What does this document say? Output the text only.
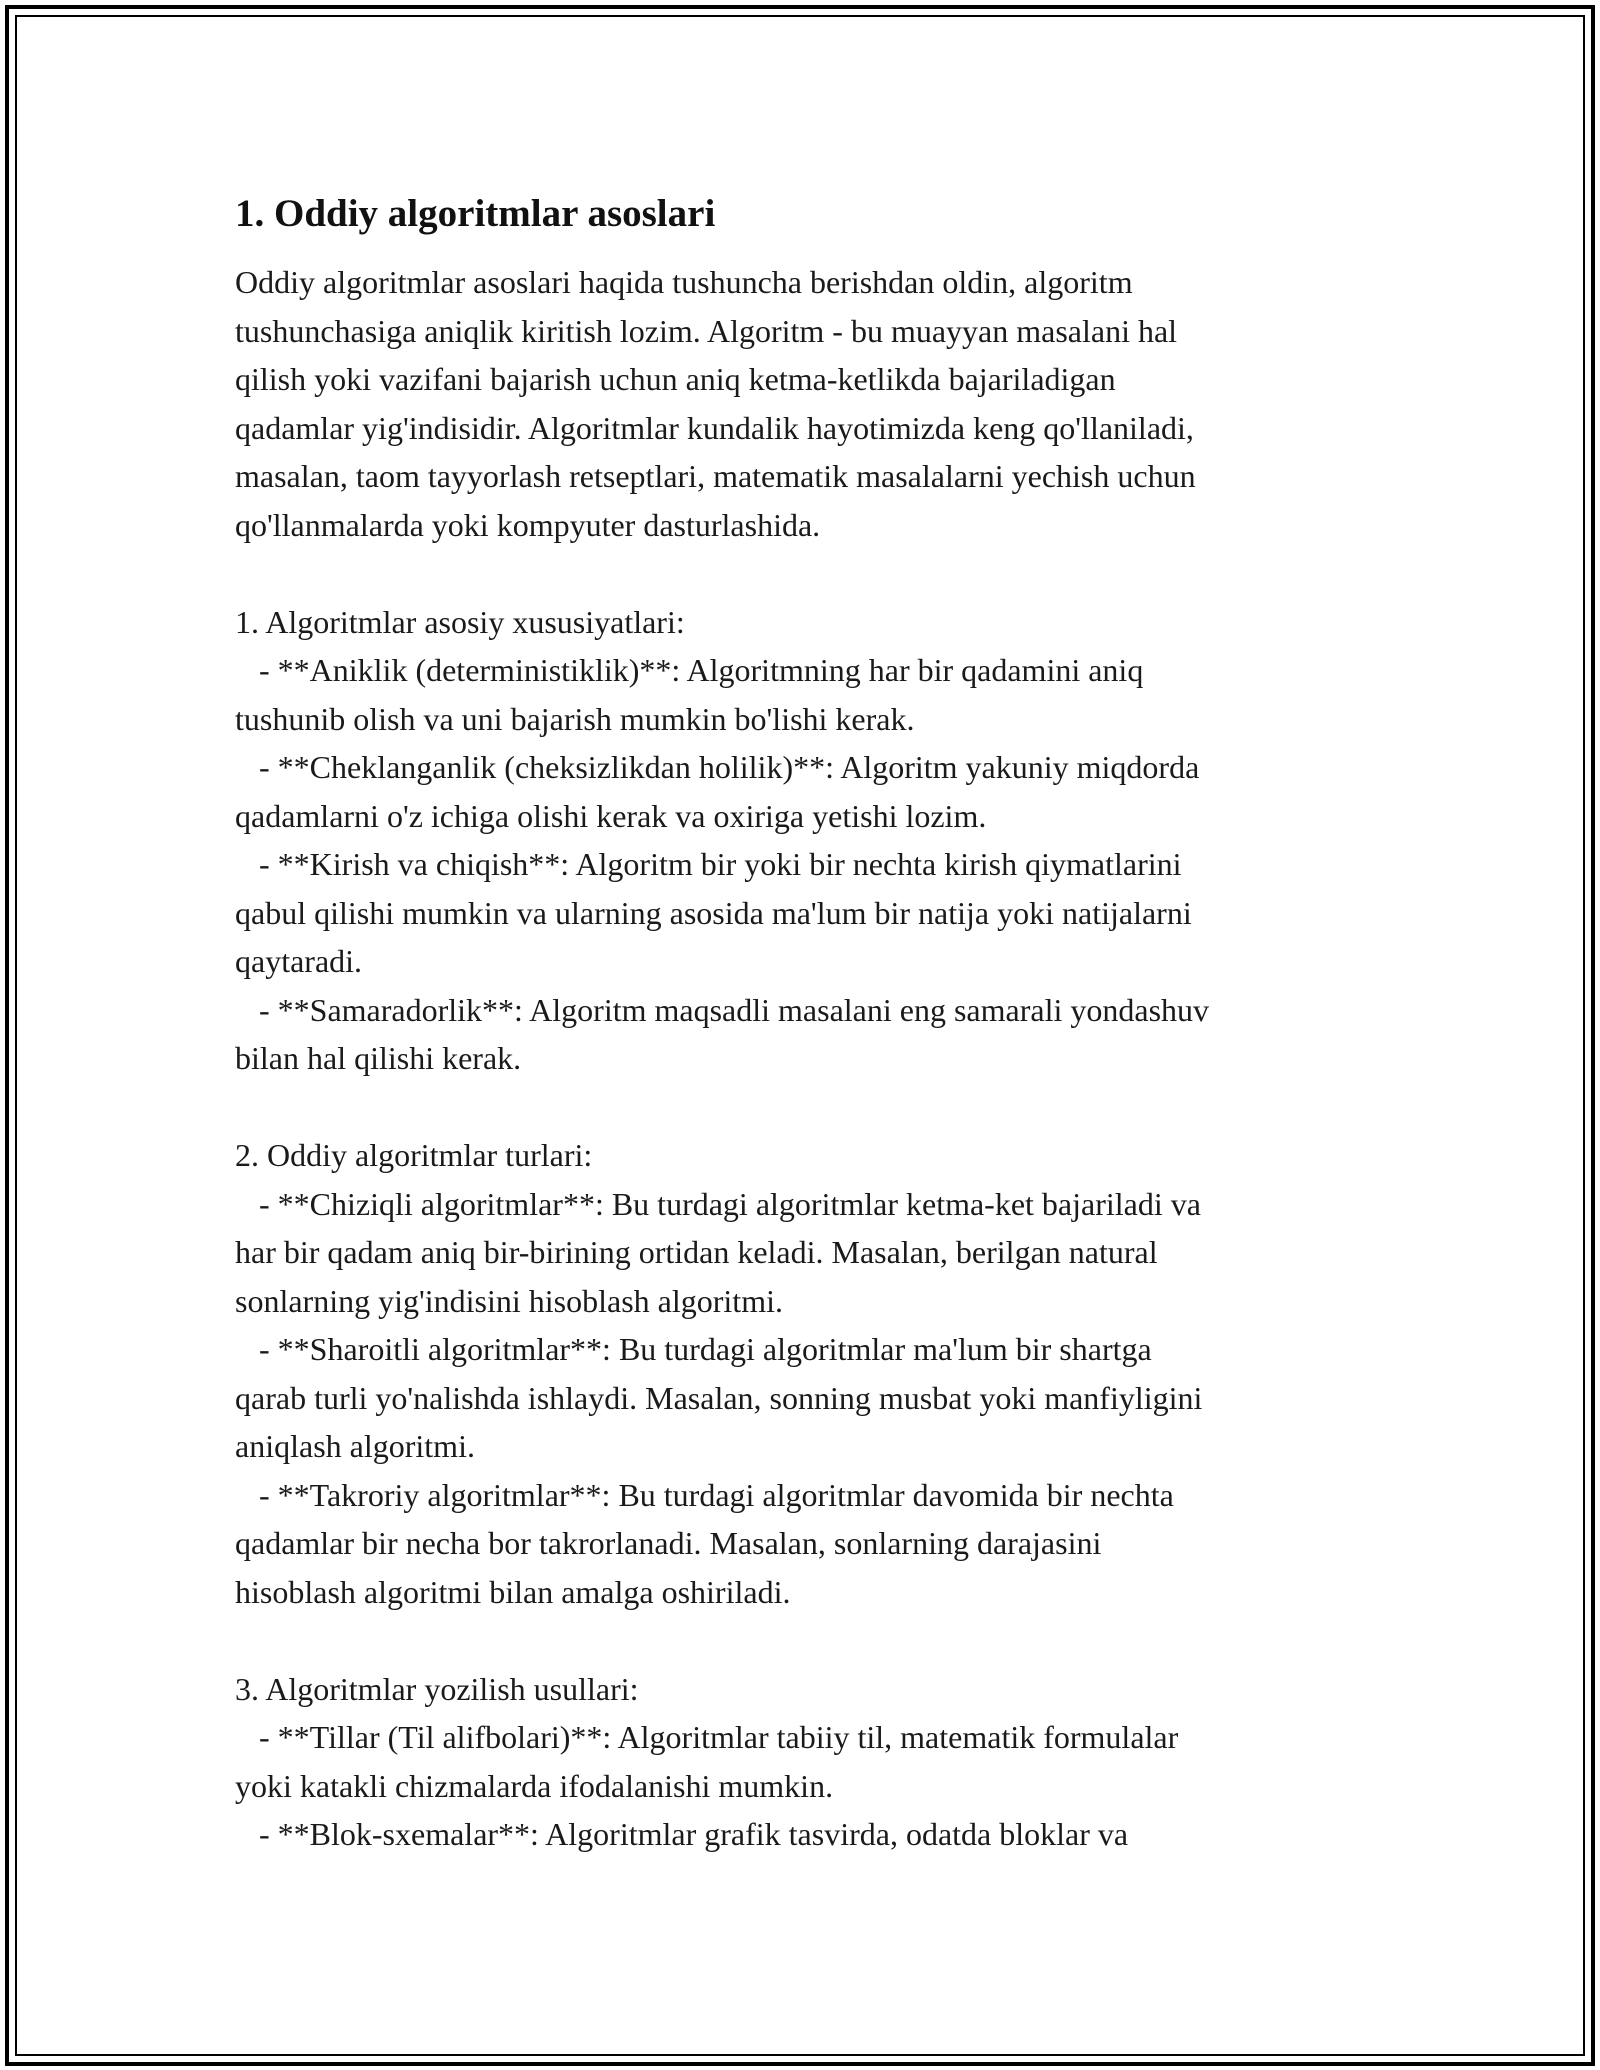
1. Oddiy algoritmlar asoslari

Oddiy algoritmlar asoslari haqida tushuncha berishdan oldin, algoritm
tushunchasiga aniqlik kiritish lozim. Algoritm - bu muayyan masalani hal
qilish yoki vazifani bajarish uchun aniq ketma-ketlikda bajariladigan
qadamlar yig'indisidir. Algoritmlar kundalik hayotimizda keng qo'llaniladi,
masalan, taom tayyorlash retseptlari, matematik masalalarni yechish uchun
qo'llanmalarda yoki kompyuter dasturlashida.

1. Algoritmlar asosiy xususiyatlari:
- **Aniklik (deterministiklik)**: Algoritmning har bir qadamini aniq
tushunib olish va uni bajarish mumkin bo'lishi kerak.
- **Cheklanganlik (cheksizlikdan holilik)**: Algoritm yakuniy miqdorda
qadamlarni o'z ichiga olishi kerak va oxiriga yetishi lozim.
- **Kirish va chiqish**: Algoritm bir yoki bir nechta kirish qiymatlarini
qabul qilishi mumkin va ularning asosida ma'lum bir natija yoki natijalarni
qaytaradi.
- **Samaradorlik**: Algoritm maqsadli masalani eng samarali yondashuv
bilan hal qilishi kerak.

2. Oddiy algoritmlar turlari:
- **Chiziqli algoritmlar**: Bu turdagi algoritmlar ketma-ket bajariladi va
har bir qadam aniq bir-birining ortidan keladi. Masalan, berilgan natural
sonlarning yig'indisini hisoblash algoritmi.
- **Sharoitli algoritmlar**: Bu turdagi algoritmlar ma'lum bir shartga
qarab turli yo'nalishda ishlaydi. Masalan, sonning musbat yoki manfiyligini
aniqlash algoritmi.
- **Takroriy algoritmlar**: Bu turdagi algoritmlar davomida bir nechta
qadamlar bir necha bor takrorlanadi. Masalan, sonlarning darajasini
hisoblash algoritmi bilan amalga oshiriladi.

3. Algoritmlar yozilish usullari:
- **Tillar (Til alifbolari)**: Algoritmlar tabiiy til, matematik formulalar
yoki katakli chizmalarda ifodalanishi mumkin.
- **Blok-sxemalar**: Algoritmlar grafik tasvirda, odatda bloklar va
